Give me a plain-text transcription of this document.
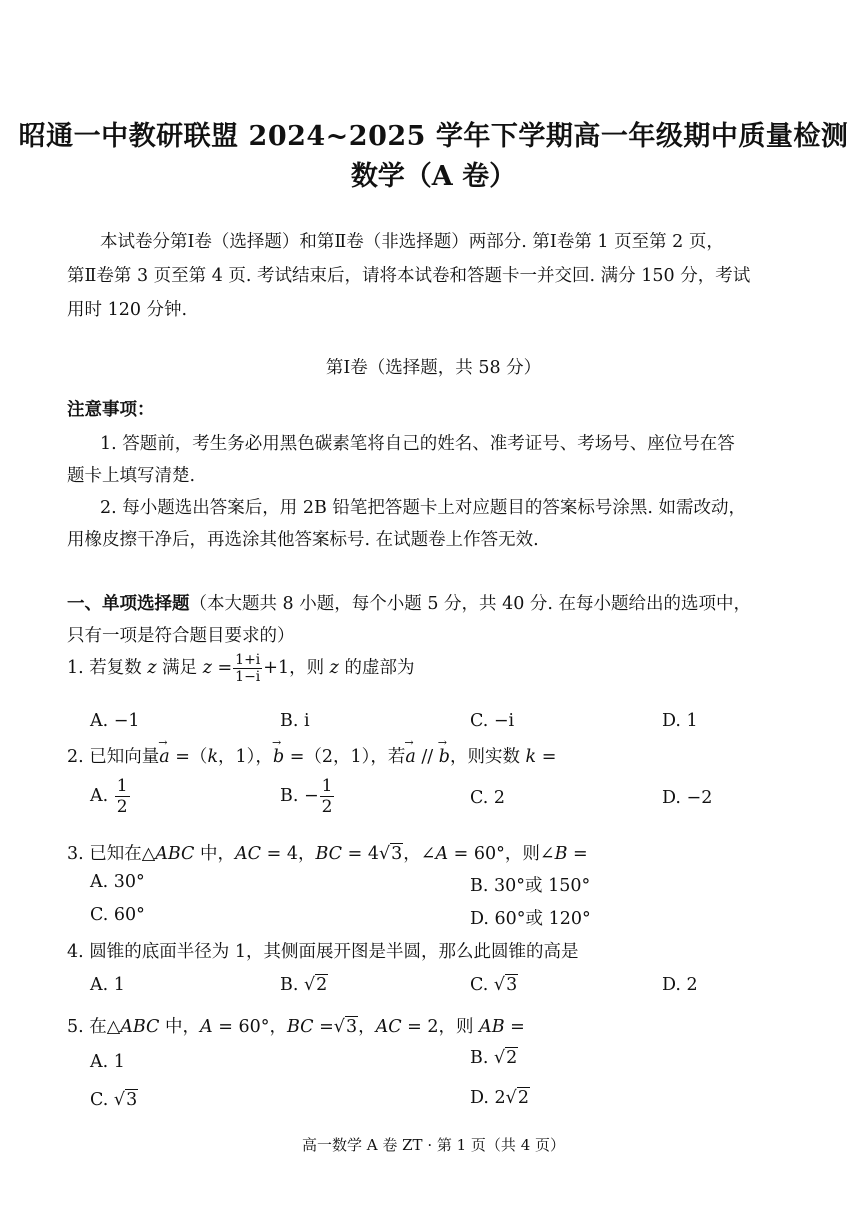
昭通一中教研联盟 2024~2025 学年下学期高一年级期中质量检测
数学（A 卷）
本试卷分第Ⅰ卷（选择题）和第Ⅱ卷（非选择题）两部分. 第Ⅰ卷第 1 页至第 2 页，
第Ⅱ卷第 3 页至第 4 页. 考试结束后，请将本试卷和答题卡一并交回. 满分 150 分，考试
用时 120 分钟.
第Ⅰ卷（选择题，共 58 分）
注意事项：
1. 答题前，考生务必用黑色碳素笔将自己的姓名、准考证号、考场号、座位号在答
题卡上填写清楚.
2. 每小题选出答案后，用 2B 铅笔把答题卡上对应题目的答案标号涂黑. 如需改动，
用橡皮擦干净后，再选涂其他答案标号. 在试题卷上作答无效.
一、单项选择题（本大题共 8 小题，每个小题 5 分，共 40 分. 在每小题给出的选项中，
只有一项是符合题目要求的）
1. 若复数 z 满足 $z = \frac{1+i}{1-i} +1$，则 z 的虚部为
A. −1	B. i	C. −i	D. 1
2. 已知向量→ a =（k，1），→ b =（2，1），若→ a // → b，则实数 k =
A. $\frac{1}{2}$	B. − $\frac{1}{2}$	C. 2	D. −2
3. 已知在△ABC 中，AC = 4，BC = 4√3，∠A = 60°，则∠B =
A. 30°	B. 30°或 150°
C. 60°	D. 60°或 120°
4. 圆锥的底面半径为 1，其侧面展开图是半圆，那么此圆锥的高是
A. 1	B. √2	C. √3	D. 2
5. 在△ABC 中，A = 60°，BC =√3，AC = 2，则 AB =
A. 1	B. √2
C. √3	D. 2√2
高一数学 A 卷 ZT · 第 1 页（共 4 页）
